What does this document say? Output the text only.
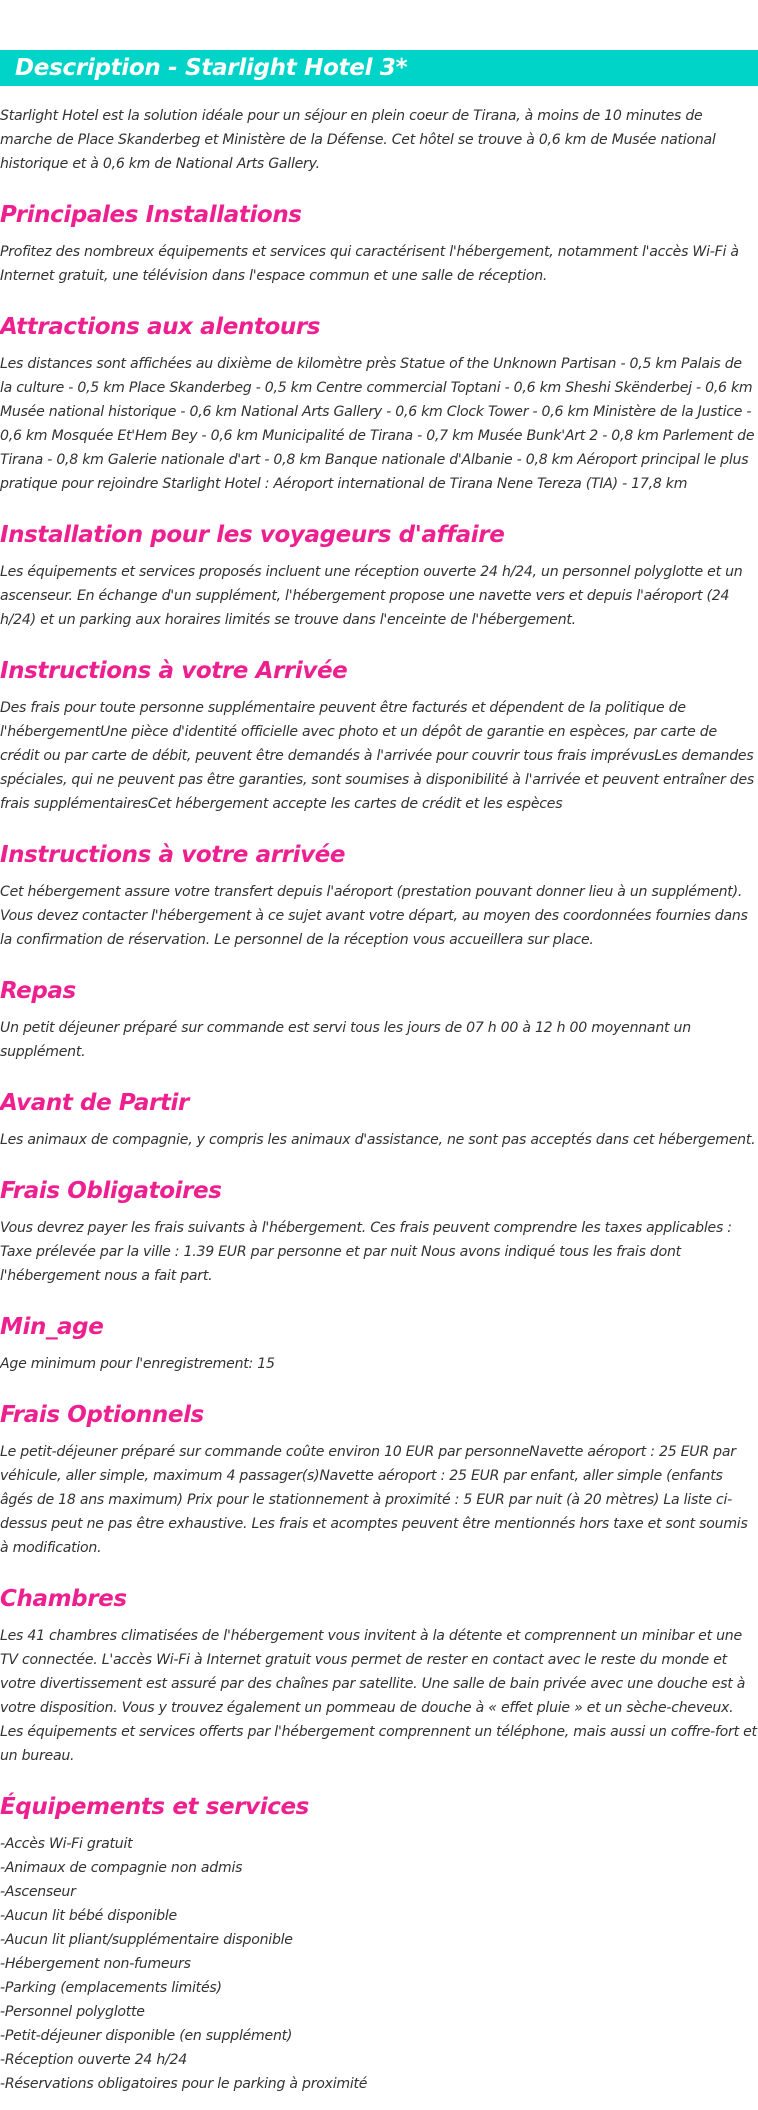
Description - Starlight Hotel 3*

Starlight Hotel est la solution idéale pour un séjour en plein coeur de Tirana, à moins de 10 minutes de marche de Place Skanderbeg et Ministère de la Défense. Cet hôtel se trouve à 0,6 km de Musée national historique et à 0,6 km de National Arts Gallery.

Principales Installations

Profitez des nombreux équipements et services qui caractérisent l'hébergement, notamment l'accès Wi-Fi à Internet gratuit, une télévision dans l'espace commun et une salle de réception.

Attractions aux alentours

Les distances sont affichées au dixième de kilomètre près Statue of the Unknown Partisan - 0,5 km Palais de la culture - 0,5 km Place Skanderbeg - 0,5 km Centre commercial Toptani - 0,6 km Sheshi Skënderbej - 0,6 km Musée national historique - 0,6 km National Arts Gallery - 0,6 km Clock Tower - 0,6 km Ministère de la Justice - 0,6 km Mosquée Et'Hem Bey - 0,6 km Municipalité de Tirana - 0,7 km Musée Bunk'Art 2 - 0,8 km Parlement de Tirana - 0,8 km Galerie nationale d'art - 0,8 km Banque nationale d'Albanie - 0,8 km Aéroport principal le plus pratique pour rejoindre Starlight Hotel : Aéroport international de Tirana Nene Tereza (TIA) - 17,8 km

Installation pour les voyageurs d'affaire

Les équipements et services proposés incluent une réception ouverte 24 h/24, un personnel polyglotte et un ascenseur. En échange d'un supplément, l'hébergement propose une navette vers et depuis l'aéroport (24 h/24) et un parking aux horaires limités se trouve dans l'enceinte de l'hébergement.

Instructions à votre Arrivée

Des frais pour toute personne supplémentaire peuvent être facturés et dépendent de la politique de l'hébergementUne pièce d'identité officielle avec photo et un dépôt de garantie en espèces, par carte de crédit ou par carte de débit, peuvent être demandés à l'arrivée pour couvrir tous frais imprévusLes demandes spéciales, qui ne peuvent pas être garanties, sont soumises à disponibilité à l'arrivée et peuvent entraîner des frais supplémentairesCet hébergement accepte les cartes de crédit et les espèces

Instructions à votre arrivée

Cet hébergement assure votre transfert depuis l'aéroport (prestation pouvant donner lieu à un supplément). Vous devez contacter l'hébergement à ce sujet avant votre départ, au moyen des coordonnées fournies dans la confirmation de réservation. Le personnel de la réception vous accueillera sur place.

Repas

Un petit déjeuner préparé sur commande est servi tous les jours de 07 h 00 à 12 h 00 moyennant un supplément.

Avant de Partir

Les animaux de compagnie, y compris les animaux d'assistance, ne sont pas acceptés dans cet hébergement.

Frais Obligatoires

Vous devrez payer les frais suivants à l'hébergement. Ces frais peuvent comprendre les taxes applicables : Taxe prélevée par la ville : 1.39 EUR par personne et par nuit Nous avons indiqué tous les frais dont l'hébergement nous a fait part.

Min_age

Age minimum pour l'enregistrement: 15

Frais Optionnels

Le petit-déjeuner préparé sur commande coûte environ 10 EUR par personneNavette aéroport : 25 EUR par véhicule, aller simple, maximum 4 passager(s)Navette aéroport : 25 EUR par enfant, aller simple (enfants âgés de 18 ans maximum) Prix pour le stationnement à proximité : 5 EUR par nuit (à 20 mètres) La liste ci-dessus peut ne pas être exhaustive. Les frais et acomptes peuvent être mentionnés hors taxe et sont soumis à modification.

Chambres

Les 41 chambres climatisées de l'hébergement vous invitent à la détente et comprennent un minibar et une TV connectée. L'accès Wi-Fi à Internet gratuit vous permet de rester en contact avec le reste du monde et votre divertissement est assuré par des chaînes par satellite. Une salle de bain privée avec une douche est à votre disposition. Vous y trouvez également un pommeau de douche à « effet pluie » et un sèche-cheveux. Les équipements et services offerts par l'hébergement comprennent un téléphone, mais aussi un coffre-fort et un bureau.

Équipements et services
-Accès Wi-Fi gratuit
-Animaux de compagnie non admis
-Ascenseur
-Aucun lit bébé disponible
-Aucun lit pliant/supplémentaire disponible
-Hébergement non-fumeurs
-Parking (emplacements limités)
-Personnel polyglotte
-Petit-déjeuner disponible (en supplément)
-Réception ouverte 24 h/24
-Réservations obligatoires pour le parking à proximité
